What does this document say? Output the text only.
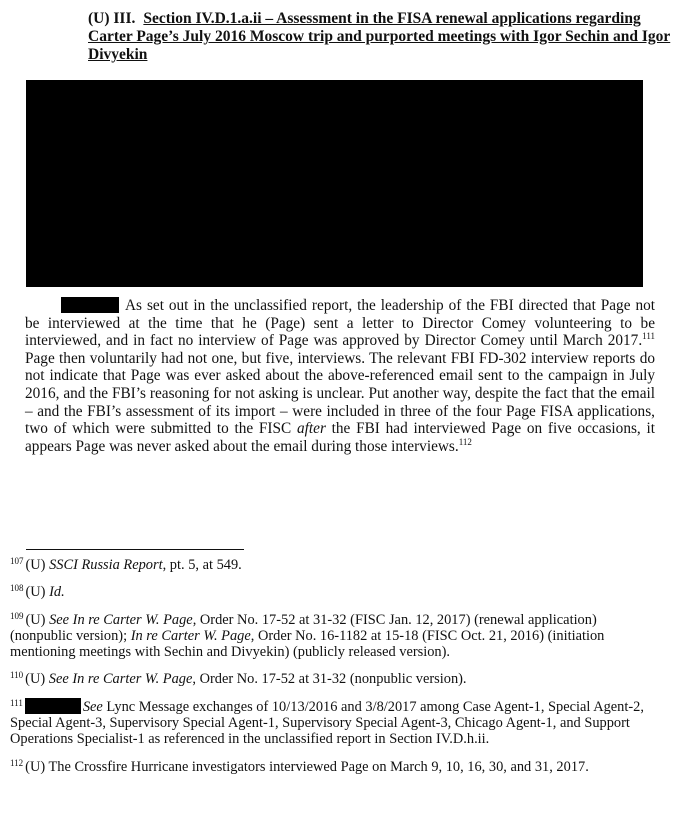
(U) III. Section IV.D.1.a.ii – Assessment in the FISA renewal applications regarding Carter Page’s July 2016 Moscow trip and purported meetings with Igor Sechin and Igor Divyekin
As set out in the unclassified report, the leadership of the FBI directed that Page not be interviewed at the time that he (Page) sent a letter to Director Comey volunteering to be interviewed, and in fact no interview of Page was approved by Director Comey until March 2017.$^{111}$ Page then voluntarily had not one, but five, interviews. The relevant FBI FD-302 interview reports do not indicate that Page was ever asked about the above-referenced email sent to the campaign in July 2016, and the FBI’s reasoning for not asking is unclear. Put another way, despite the fact that the email – and the FBI’s assessment of its import – were included in three of the four Page FISA applications, two of which were submitted to the FISC after the FBI had interviewed Page on five occasions, it appears Page was never asked about the email during those interviews.$^{112}$

$^{107}$ (U) SSCI Russia Report, pt. 5, at 549.

$^{108}$ (U) Id.

$^{109}$ (U) See In re Carter W. Page, Order No. 17-52 at 31-32 (FISC Jan. 12, 2017) (renewal application) (nonpublic version); In re Carter W. Page, Order No. 16-1182 at 15-18 (FISC Oct. 21, 2016) (initiation mentioning meetings with Sechin and Divyekin) (publicly released version).

$^{110}$ (U) See In re Carter W. Page, Order No. 17-52 at 31-32 (nonpublic version).

$^{111}$	See Lync Message exchanges of 10/13/2016 and 3/8/2017 among Case Agent-1, Special Agent-2, Special Agent-3, Supervisory Special Agent-1, Supervisory Special Agent-3, Chicago Agent-1, and Support Operations Specialist-1 as referenced in the unclassified report in Section IV.D.h.ii.

$^{112}$ (U) The Crossfire Hurricane investigators interviewed Page on March 9, 10, 16, 30, and 31, 2017.
